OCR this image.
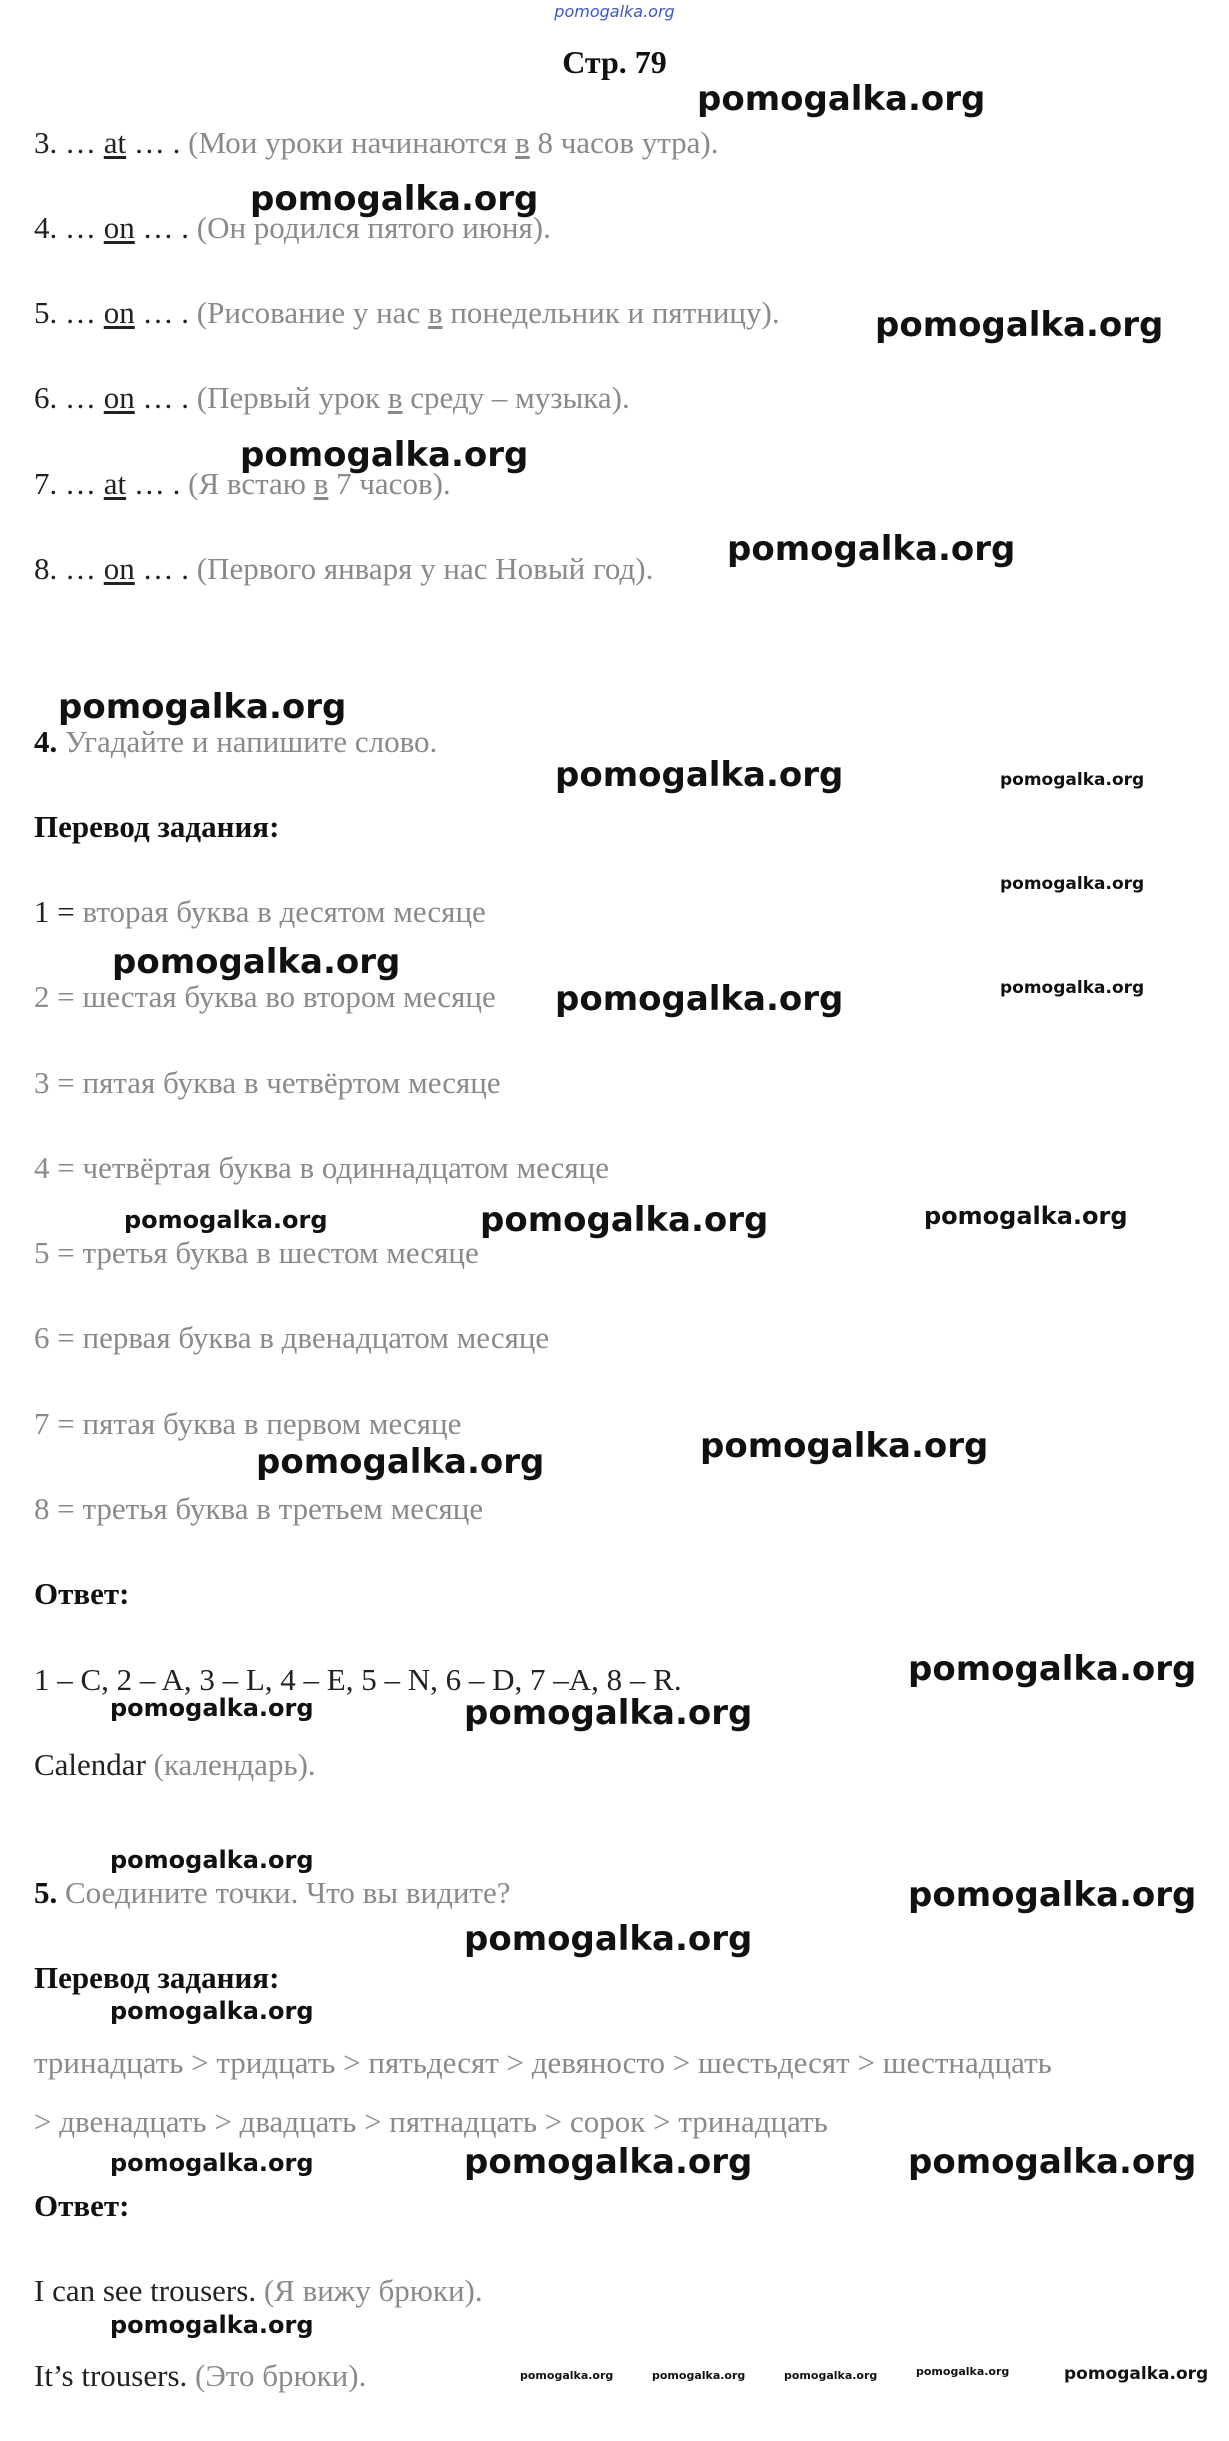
pomogalka.org
Стр. 79
3. … at … . (Мои уроки начинаются в 8 часов утра).
4. … on … . (Он родился пятого июня).
5. … on … . (Рисование у нас в понедельник и пятницу).
6. … on … . (Первый урок в среду – музыка).
7. … at … . (Я встаю в 7 часов).
8. … on … . (Первого января у нас Новый год).
4. Угадайте и напишите слово.
Перевод задания:
1 = вторая буква в десятом месяце
2 = шестая буква во втором месяце
3 = пятая буква в четвёртом месяце
4 = четвёртая буква в одиннадцатом месяце
5 = третья буква в шестом месяце
6 = первая буква в двенадцатом месяце
7 = пятая буква в первом месяце
8 = третья буква в третьем месяце
Ответ:
1 – C, 2 – A, 3 – L, 4 – E, 5 – N, 6 – D, 7 –A, 8 – R.
Calendar (календарь).
5. Соедините точки. Что вы видите?
Перевод задания:
тринадцать > тридцать > пятьдесят > девяносто > шестьдесят > шестнадцать
> двенадцать > двадцать > пятнадцать > сорок > тринадцать
Ответ:
I can see trousers. (Я вижу брюки).
It’s trousers. (Это брюки).
pomogalka.org
pomogalka.org
pomogalka.org
pomogalka.org
pomogalka.org
pomogalka.org
pomogalka.org	pomogalka.org
pomogalka.org
pomogalka.org
pomogalka.org	pomogalka.org
pomogalka.org	pomogalka.org	pomogalka.org
pomogalka.org	pomogalka.org
pomogalka.org
pomogalka.org	pomogalka.org
pomogalka.org
pomogalka.org
pomogalka.org
pomogalka.org
pomogalka.org	pomogalka.org	pomogalka.org
pomogalka.org
pomogalka.org	pomogalka.org	pomogalka.org	pomogalka.org	pomogalka.org
